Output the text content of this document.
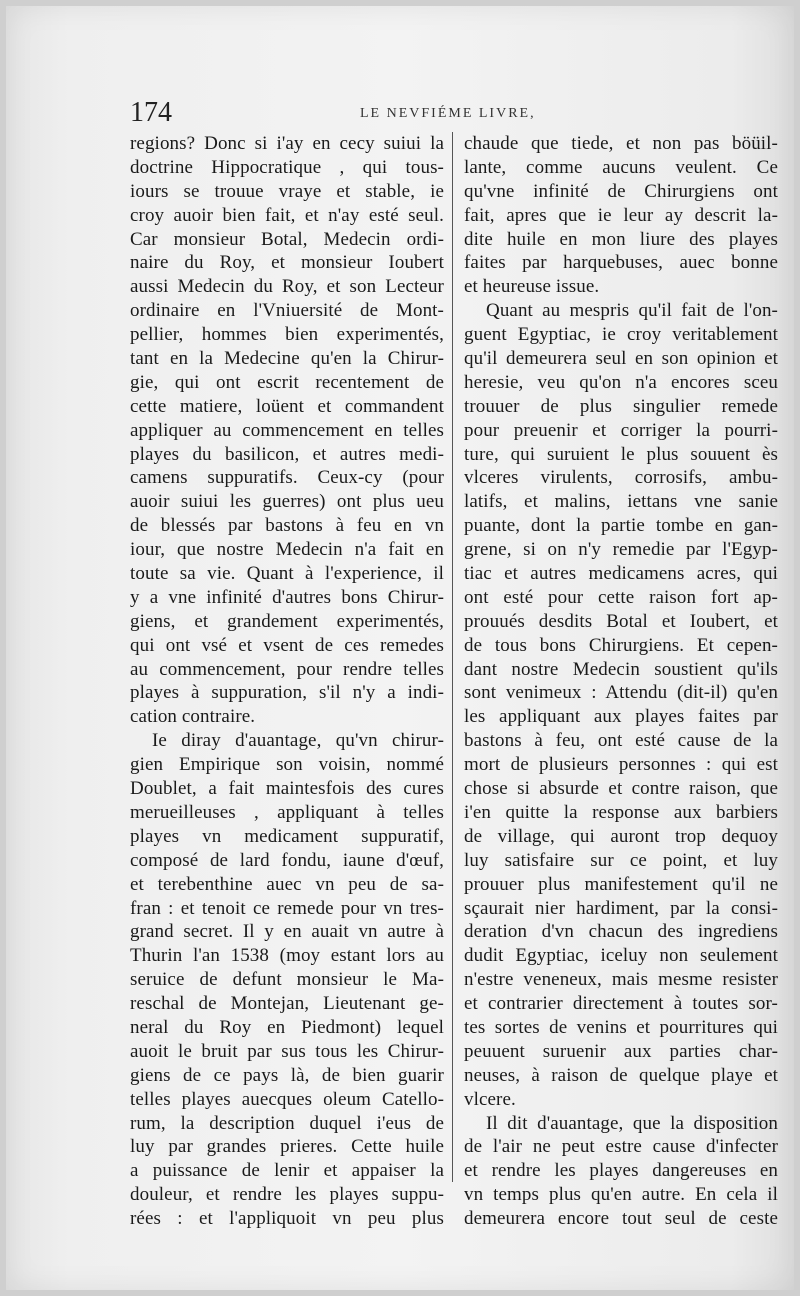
174	LE NEVFIÉME LIVRE,
regions? Donc si i'ay en cecy suiui la
doctrine Hippocratique , qui tous-
iours se trouue vraye et stable, ie
croy auoir bien fait, et n'ay esté seul.
Car monsieur Botal, Medecin ordi-
naire du Roy, et monsieur Ioubert
aussi Medecin du Roy, et son Lecteur
ordinaire en l'Vniuersité de Mont-
pellier, hommes bien experimentés,
tant en la Medecine qu'en la Chirur-
gie, qui ont escrit recentement de
cette matiere, loüent et commandent
appliquer au commencement en telles
playes du basilicon, et autres medi-
camens suppuratifs. Ceux-cy (pour
auoir suiui les guerres) ont plus ueu
de blessés par bastons à feu en vn
iour, que nostre Medecin n'a fait en
toute sa vie. Quant à l'experience, il
y a vne infinité d'autres bons Chirur-
giens, et grandement experimentés,
qui ont vsé et vsent de ces remedes
au commencement, pour rendre telles
playes à suppuration, s'il n'y a indi-
cation contraire.
Ie diray d'auantage, qu'vn chirur-
gien Empirique son voisin, nommé
Doublet, a fait maintesfois des cures
merueilleuses , appliquant à telles
playes vn medicament suppuratif,
composé de lard fondu, iaune d'œuf,
et terebenthine auec vn peu de sa-
fran : et tenoit ce remede pour vn tres-
grand secret. Il y en auait vn autre à
Thurin l'an 1538 (moy estant lors au
seruice de defunt monsieur le Ma-
reschal de Montejan, Lieutenant ge-
neral du Roy en Piedmont) lequel
auoit le bruit par sus tous les Chirur-
giens de ce pays là, de bien guarir
telles playes auecques oleum Catello-
rum, la description duquel i'eus de
luy par grandes prieres. Cette huile
a puissance de lenir et appaiser la
douleur, et rendre les playes suppu-
rées : et l'appliquoit vn peu plus
chaude que tiede, et non pas böüil-
lante, comme aucuns veulent. Ce
qu'vne infinité de Chirurgiens ont
fait, apres que ie leur ay descrit la-
dite huile en mon liure des playes
faites par harquebuses, auec bonne
et heureuse issue.
Quant au mespris qu'il fait de l'on-
guent Egyptiac, ie croy veritablement
qu'il demeurera seul en son opinion et
heresie, veu qu'on n'a encores sceu
trouuer de plus singulier remede
pour preuenir et corriger la pourri-
ture, qui suruient le plus souuent ès
vlceres virulents, corrosifs, ambu-
latifs, et malins, iettans vne sanie
puante, dont la partie tombe en gan-
grene, si on n'y remedie par l'Egyp-
tiac et autres medicamens acres, qui
ont esté pour cette raison fort ap-
prouués desdits Botal et Ioubert, et
de tous bons Chirurgiens. Et cepen-
dant nostre Medecin soustient qu'ils
sont venimeux : Attendu (dit-il) qu'en
les appliquant aux playes faites par
bastons à feu, ont esté cause de la
mort de plusieurs personnes : qui est
chose si absurde et contre raison, que
i'en quitte la response aux barbiers
de village, qui auront trop dequoy
luy satisfaire sur ce point, et luy
prouuer plus manifestement qu'il ne
sçaurait nier hardiment, par la consi-
deration d'vn chacun des ingrediens
dudit Egyptiac, iceluy non seulement
n'estre veneneux, mais mesme resister
et contrarier directement à toutes sor-
tes sortes de venins et pourritures qui
peuuent suruenir aux parties char-
neuses, à raison de quelque playe et
vlcere.
Il dit d'auantage, que la disposition
de l'air ne peut estre cause d'infecter
et rendre les playes dangereuses en
vn temps plus qu'en autre. En cela il
demeurera encore tout seul de ceste
